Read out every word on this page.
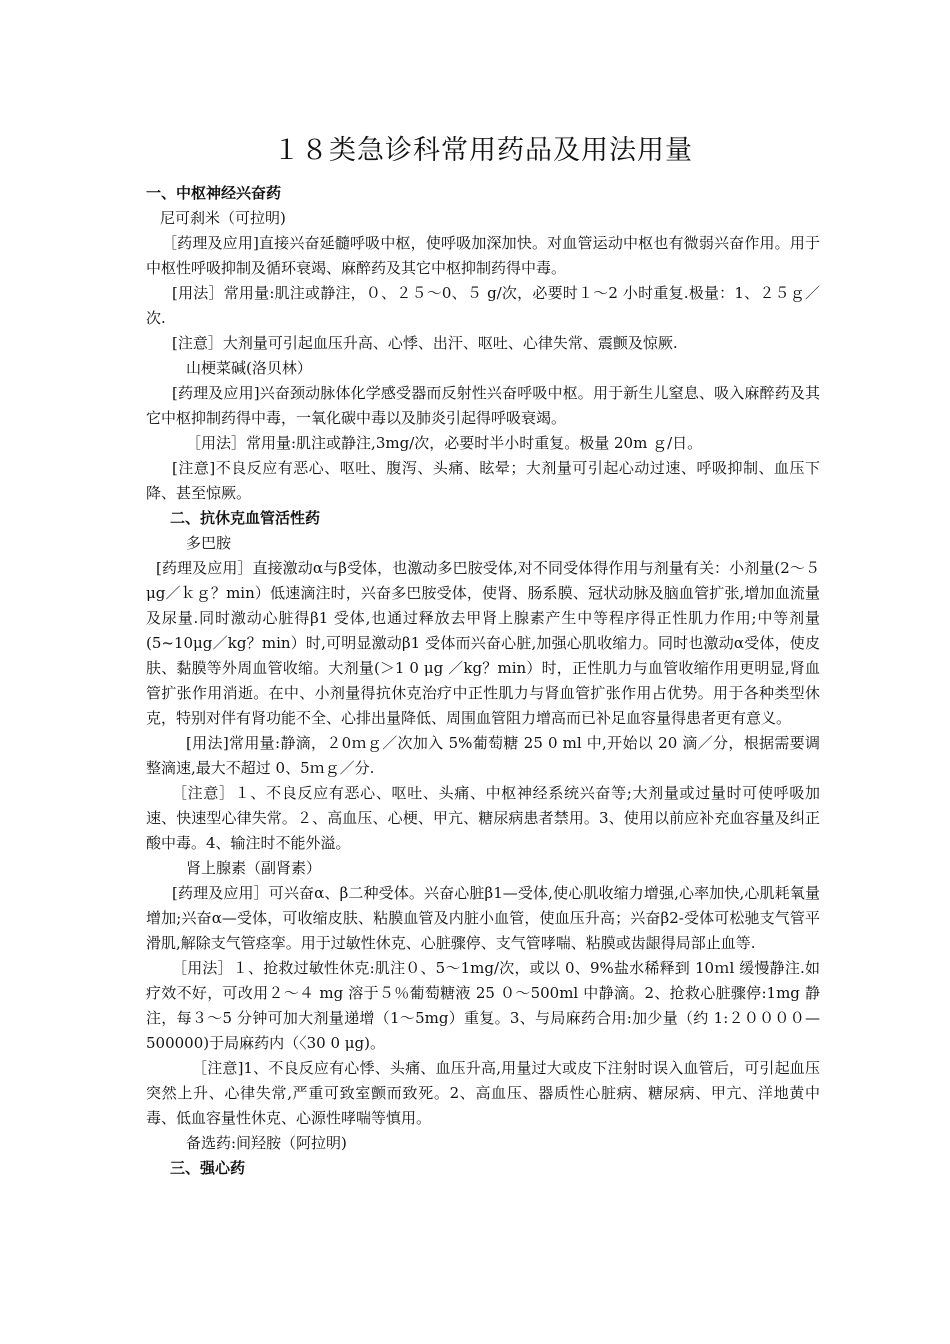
１８类急诊科常用药品及用法用量
一、中枢神经兴奋药
尼可刹米（可拉明)

［药理及应用]直接兴奋延髓呼吸中枢，使呼吸加深加快。对血管运动中枢也有微弱兴奋作用。用于中枢性呼吸抑制及循环衰竭、麻醉药及其它中枢抑制药得中毒。

[用法］常用量:肌注或静注，０、２５～0、５ g/次，必要时１～2 小时重复.极量：1、２５ｇ／次.

[注意］大剂量可引起血压升高、心悸、出汗、呕吐、心律失常、震颤及惊厥.

山梗菜碱(洛贝林）

[药理及应用]兴奋颈动脉体化学感受器而反射性兴奋呼吸中枢。用于新生儿窒息、吸入麻醉药及其它中枢抑制药得中毒，一氧化碳中毒以及肺炎引起得呼吸衰竭。

［用法］常用量:肌注或静注,3mg/次，必要时半小时重复。极量 20m ｇ/日。

[注意]不良反应有恶心、呕吐、腹泻、头痛、眩晕；大剂量可引起心动过速、呼吸抑制、血压下降、甚至惊厥。

二、抗休克血管活性药
多巴胺

[药理及应用］直接激动α与β受体，也激动多巴胺受体,对不同受体得作用与剂量有关：小剂量(2～５ μg／ｋｇ？min）低速滴注时，兴奋多巴胺受体，使肾、肠系膜、冠状动脉及脑血管扩张,增加血流量及尿量.同时激动心脏得β1 受体,也通过释放去甲肾上腺素产生中等程序得正性肌力作用;中等剂量(5~10μg／kg？min）时,可明显激动β1 受体而兴奋心脏,加强心肌收缩力。同时也激动α受体，使皮肤、黏膜等外周血管收缩。大剂量(＞1 0 μg ／kg？min）时，正性肌力与血管收缩作用更明显,肾血管扩张作用消逝。在中、小剂量得抗休克治疗中正性肌力与肾血管扩张作用占优势。用于各种类型休克，特别对伴有肾功能不全、心排出量降低、周围血管阻力增高而已补足血容量得患者更有意义。

[用法]常用量:静滴，２0ｍｇ／次加入 5%葡萄糖 25 0 ml 中,开始以 20 滴／分，根据需要调整滴速,最大不超过 0、5ｍｇ／分.

［注意］１、不良反应有恶心、呕吐、头痛、中枢神经系统兴奋等;大剂量或过量时可使呼吸加速、快速型心律失常。２、高血压、心梗、甲亢、糖尿病患者禁用。3、使用以前应补充血容量及纠正酸中毒。4、输注时不能外溢。

肾上腺素（副肾素）

[药理及应用］可兴奋α、β二种受体。兴奋心脏β1—受体,使心肌收缩力增强,心率加快,心肌耗氧量增加;兴奋α—受体，可收缩皮肤、粘膜血管及内脏小血管，使血压升高；兴奋β2-受体可松驰支气管平滑肌,解除支气管痉挛。用于过敏性休克、心脏骤停、支气管哮喘、粘膜或齿龈得局部止血等.

［用法］１、抢救过敏性休克:肌注０、5～1mg/次，或以 0、9%盐水稀释到 10ｍl 缓慢静注.如疗效不好，可改用２～４ mg 溶于５％葡萄糖液 25 ０～500ml 中静滴。2、抢救心脏骤停:1mg 静注，每３～5 分钟可加大剂量递增（1～5mg）重复。3、与局麻药合用:加少量（约 1:２００００—500000)于局麻药内（〈30 0 μg)。

［注意]1、不良反应有心悸、头痛、血压升高,用量过大或皮下注射时误入血管后，可引起血压突然上升、心律失常,严重可致室颤而致死。2、高血压、器质性心脏病、糖尿病、甲亢、洋地黄中毒、低血容量性休克、心源性哮喘等慎用。

备选药:间羟胺（阿拉明)
三、强心药
